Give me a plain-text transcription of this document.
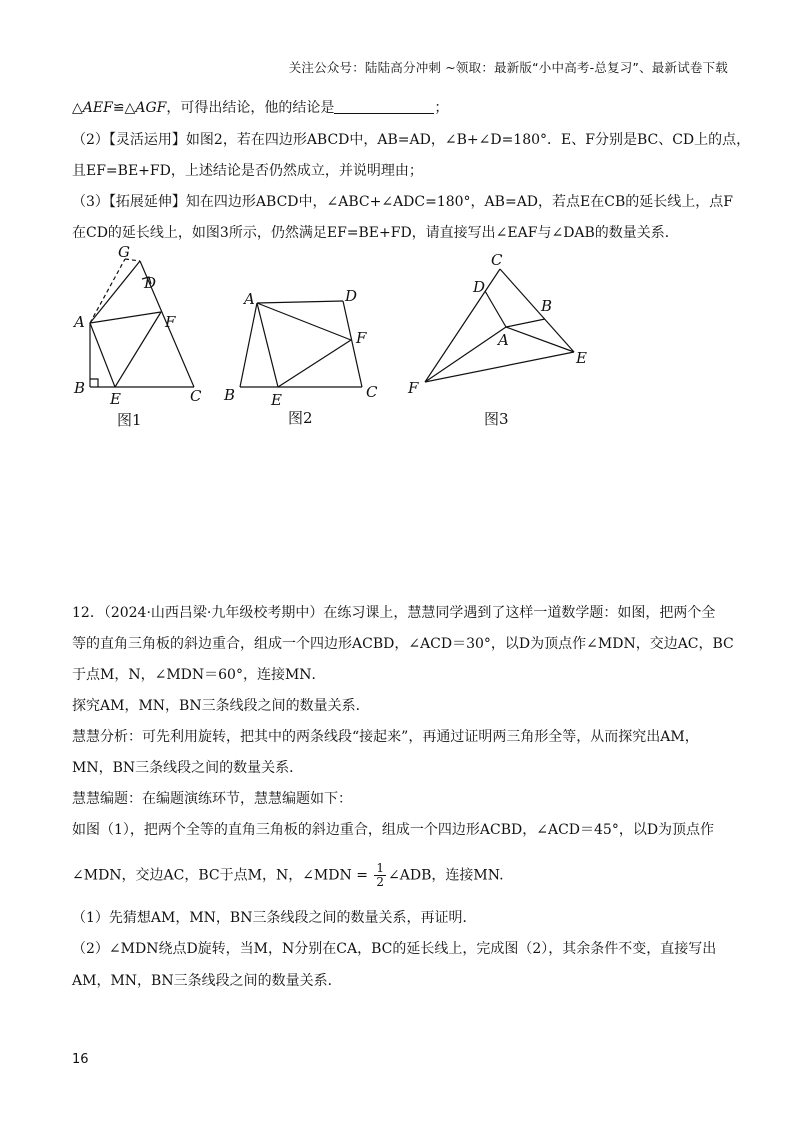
关注公众号：陆陆高分冲刺 ~领取：最新版“小中高考-总复习”、最新试卷下载
△AEF≌△AGF，可得出结论，他的结论是	；
（2）【灵活运用】如图2，若在四边形ABCD中，AB=AD，∠B+∠D=180°．E、F分别是BC、CD上的点，
且EF=BE+FD，上述结论是否仍然成立，并说明理由；
（3）【拓展延伸】知在四边形ABCD中，∠ABC+∠ADC=180°，AB=AD，若点E在CB的延长线上，点F
在CD的延长线上，如图3所示，仍然满足EF=BE+FD，请直接写出∠EAF与∠DAB的数量关系．
G
D
A	F
B
E	C
图1
A	D
F
B E	C
图2
C
D
B
A
E
F
图3
12．（2024·山西吕梁·九年级校考期中）在练习课上，慧慧同学遇到了这样一道数学题：如图，把两个全
等的直角三角板的斜边重合，组成一个四边形ACBD，∠ACD＝30°，以D为顶点作∠MDN，交边AC，BC
于点M，N，∠MDN＝60°，连接MN．
探究AM，MN，BN三条线段之间的数量关系．
慧慧分析：可先利用旋转，把其中的两条线段“接起来”，再通过证明两三角形全等，从而探究出AM，
MN，BN三条线段之间的数量关系．
慧慧编题：在编题演练环节，慧慧编题如下：
如图（1），把两个全等的直角三角板的斜边重合，组成一个四边形ACBD，∠ACD＝45°，以D为顶点作
∠MDN，交边AC，BC于点M，N，∠MDN = $\frac{1}{2}$ ∠ADB，连接MN.
（1）先猜想AM，MN，BN三条线段之间的数量关系，再证明．
（2）∠MDN绕点D旋转，当M，N分别在CA，BC的延长线上，完成图（2），其余条件不变，直接写出
AM，MN，BN三条线段之间的数量关系．
16
